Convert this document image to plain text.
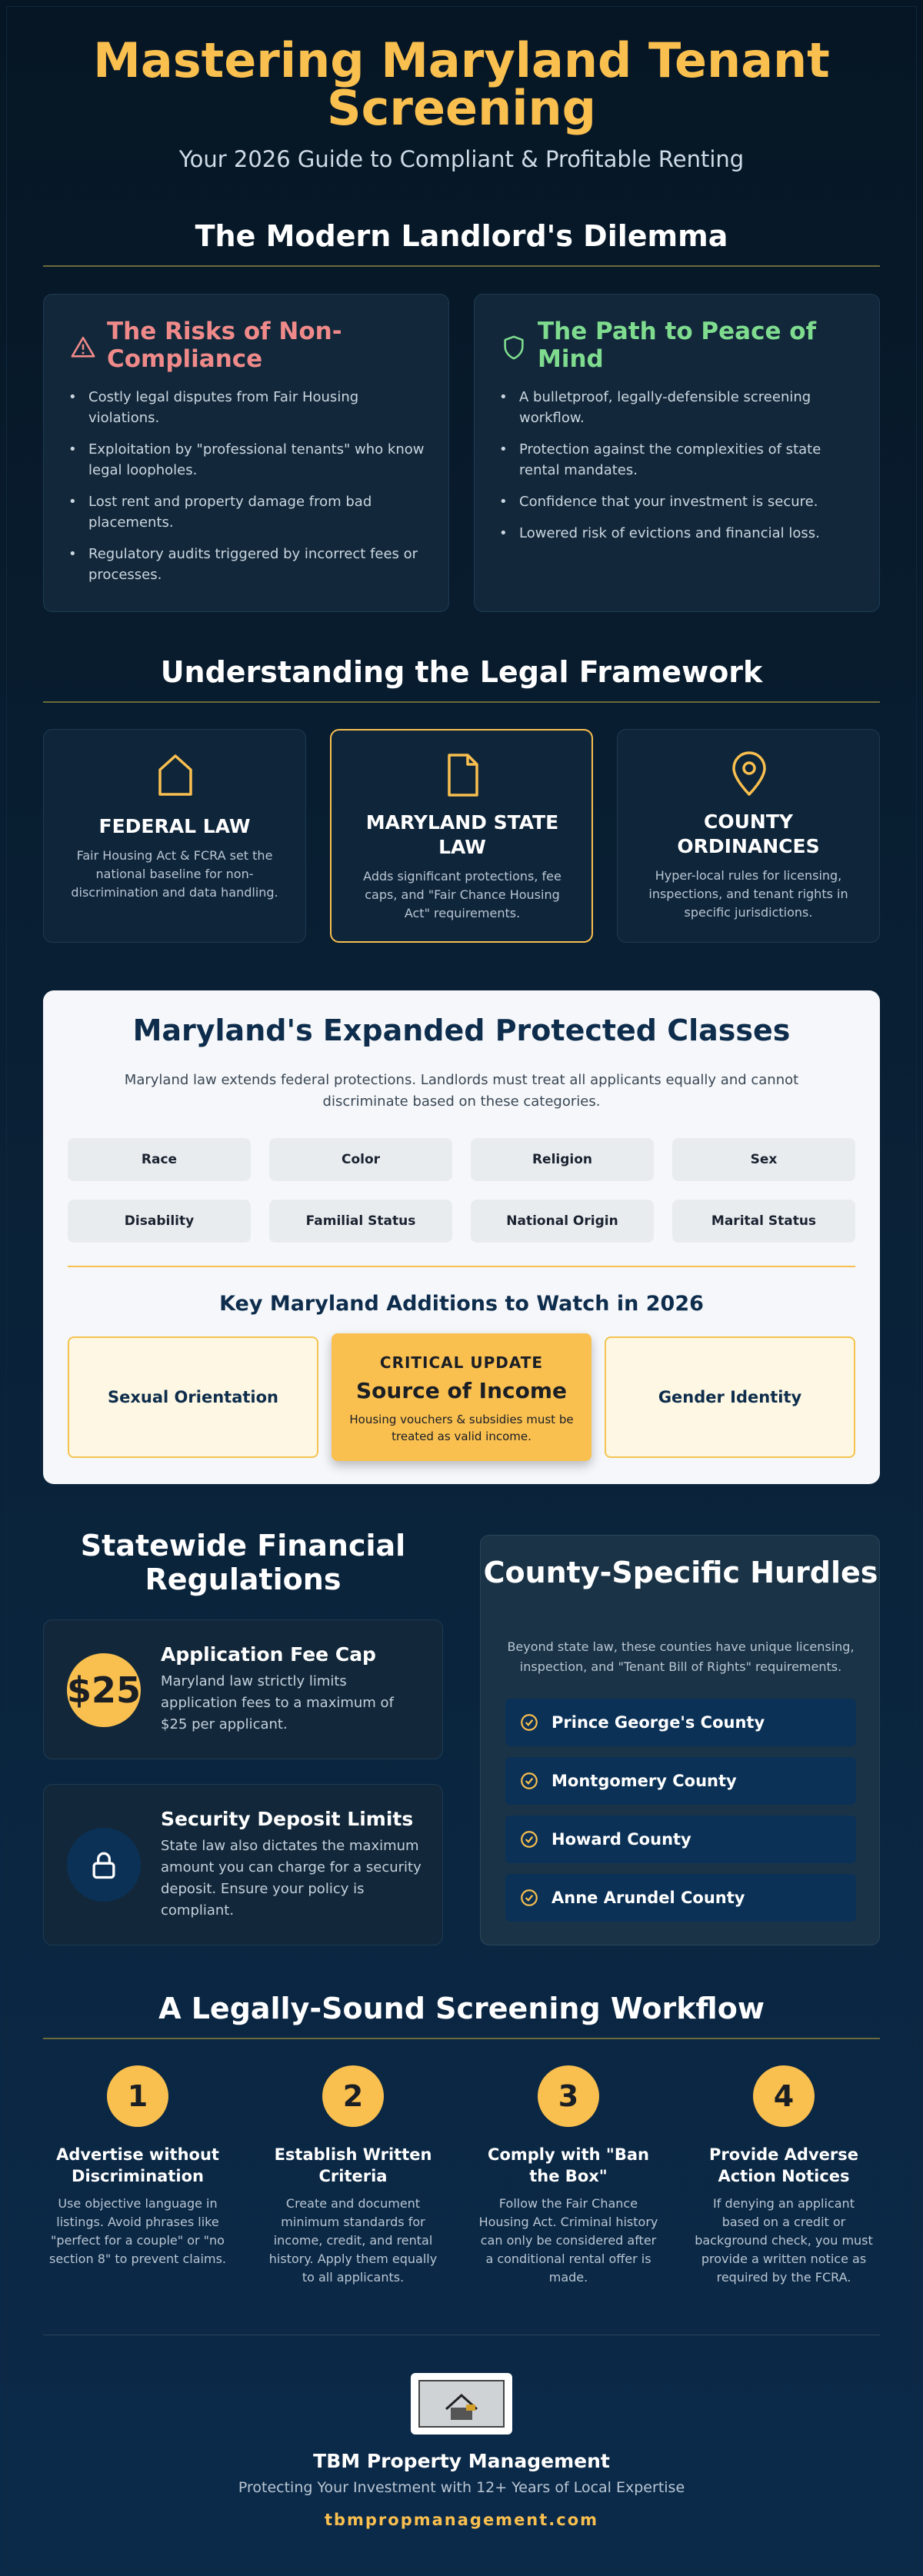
Mastering Maryland Tenant Screening
Your 2026 Guide to Compliant & Profitable Renting
The Modern Landlord's Dilemma
The Risks of Non-Compliance
• Costly legal disputes from Fair Housing violations.
• Exploitation by "professional tenants" who know legal loopholes.
• Lost rent and property damage from bad placements.
• Regulatory audits triggered by incorrect fees or processes.
The Path to Peace of Mind
• A bulletproof, legally-defensible screening workflow.
• Protection against the complexities of state rental mandates.
• Confidence that your investment is secure.
• Lowered risk of evictions and financial loss.
Understanding the Legal Framework
FEDERAL LAW
Fair Housing Act & FCRA set the national baseline for non-discrimination and data handling.
MARYLAND STATE LAW
Adds significant protections, fee caps, and "Fair Chance Housing Act" requirements.
COUNTY ORDINANCES
Hyper-local rules for licensing, inspections, and tenant rights in specific jurisdictions.
Maryland's Expanded Protected Classes
Maryland law extends federal protections. Landlords must treat all applicants equally and cannot discriminate based on these categories.
Race	Color	Religion	Sex
Disability	Familial Status	National Origin	Marital Status
Key Maryland Additions to Watch in 2026
Sexual Orientation
CRITICAL UPDATE
Source of Income
Housing vouchers & subsidies must be treated as valid income.
Gender Identity
Statewide Financial Regulations
$25
Application Fee Cap
Maryland law strictly limits application fees to a maximum of $25 per applicant.
Security Deposit Limits
State law also dictates the maximum amount you can charge for a security deposit. Ensure your policy is compliant.
County-Specific Hurdles
Beyond state law, these counties have unique licensing, inspection, and "Tenant Bill of Rights" requirements.
Prince George's County
Montgomery County
Howard County
Anne Arundel County
A Legally-Sound Screening Workflow
1
Advertise without Discrimination
Use objective language in listings. Avoid phrases like "perfect for a couple" or "no section 8" to prevent claims.
2
Establish Written Criteria
Create and document minimum standards for income, credit, and rental history. Apply them equally to all applicants.
3
Comply with "Ban the Box"
Follow the Fair Chance Housing Act. Criminal history can only be considered after a conditional rental offer is made.
4
Provide Adverse Action Notices
If denying an applicant based on a credit or background check, you must provide a written notice as required by the FCRA.
TBM Property Management
Protecting Your Investment with 12+ Years of Local Expertise
tbmpropmanagement.com
